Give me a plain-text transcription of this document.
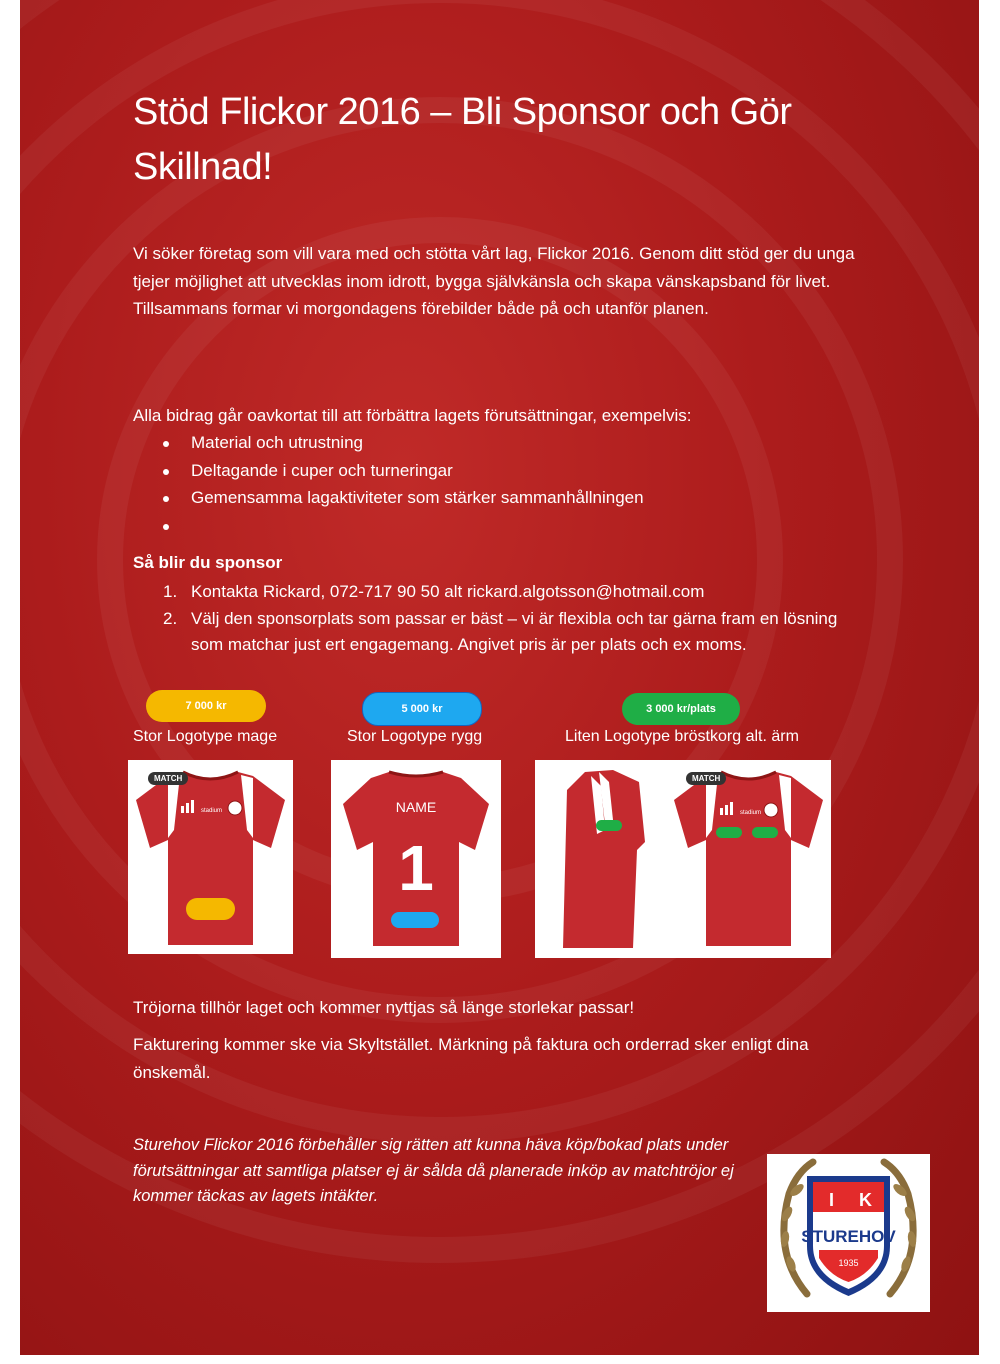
Stöd Flickor 2016 – Bli Sponsor och Gör Skillnad!

Vi söker företag som vill vara med och stötta vårt lag, Flickor 2016. Genom ditt stöd ger du unga tjejer möjlighet att utvecklas inom idrott, bygga självkänsla och skapa vänskapsband för livet. Tillsammans formar vi morgondagens förebilder både på och utanför planen.

Alla bidrag går oavkortat till att förbättra lagets förutsättningar, exempelvis:

Material och utrustning
Deltagande i cuper och turneringar
Gemensamma lagaktiviteter som stärker sammanhållningen

Så blir du sponsor

1. Kontakta Rickard, 072-717 90 50 alt rickard.algotsson@hotmail.com
2. Välj den sponsorplats som passar er bäst – vi är flexibla och tar gärna fram en lösning som matchar just ert engagemang. Angivet pris är per plats och ex moms.
7 000 kr	5 000 kr	3 000 kr/plats
Stor Logotype mage	Stor Logotype rygg	Liten Logotype bröstkorg alt. ärm
stadium
MATCH
NAME
1
stadium
MATCH

Tröjorna tillhör laget och kommer nyttjas så länge storlekar passar!

Fakturering kommer ske via Skyltstället. Märkning på faktura och orderrad sker enligt dina önskemål.

Sturehov Flickor 2016 förbehåller sig rätten att kunna häva köp/bokad plats under förutsättningar att samtliga platser ej är sålda då planerade inköp av matchtröjor ej kommer täckas av lagets intäkter.	I K
STUREHOV
1935
